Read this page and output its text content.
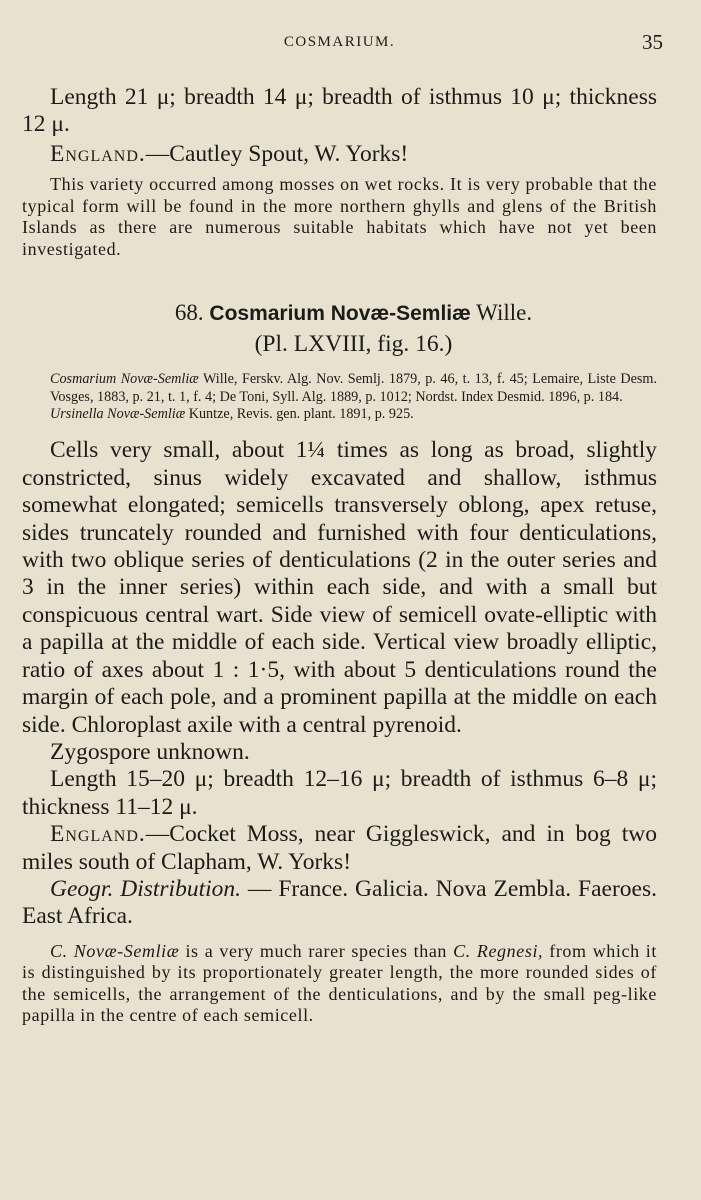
COSMARIUM.	35

Length 21 μ; breadth 14 μ; breadth of isthmus 10 μ; thickness 12 μ.

England.—Cautley Spout, W. Yorks!

This variety occurred among mosses on wet rocks. It is very probable that the typical form will be found in the more northern ghylls and glens of the British Islands as there are numerous suitable habitats which have not yet been investigated.

68. Cosmarium Novæ-Semliæ Wille.
(Pl. LXVIII, fig. 16.)

Cosmarium Novæ-Semliæ Wille, Ferskv. Alg. Nov. Semlj. 1879, p. 46, t. 13, f. 45; Lemaire, Liste Desm. Vosges, 1883, p. 21, t. 1, f. 4; De Toni, Syll. Alg. 1889, p. 1012; Nordst. Index Desmid. 1896, p. 184.

Ursinella Novæ-Semliæ Kuntze, Revis. gen. plant. 1891, p. 925.

Cells very small, about 1¼ times as long as broad, slightly constricted, sinus widely excavated and shallow, isthmus somewhat elongated; semicells transversely oblong, apex retuse, sides truncately rounded and furnished with four denticulations, with two oblique series of denticulations (2 in the outer series and 3 in the inner series) within each side, and with a small but conspicuous central wart. Side view of semicell ovate-elliptic with a papilla at the middle of each side. Vertical view broadly elliptic, ratio of axes about 1 : 1·5, with about 5 denticulations round the margin of each pole, and a prominent papilla at the middle on each side. Chloroplast axile with a central pyrenoid.

Zygospore unknown.

Length 15–20 μ; breadth 12–16 μ; breadth of isthmus 6–8 μ; thickness 11–12 μ.

England.—Cocket Moss, near Giggleswick, and in bog two miles south of Clapham, W. Yorks!

Geogr. Distribution. — France. Galicia. Nova Zembla. Faeroes. East Africa.

C. Novæ-Semliæ is a very much rarer species than C. Regnesi, from which it is distinguished by its proportionately greater length, the more rounded sides of the semicells, the arrangement of the denticulations, and by the small peg-like papilla in the centre of each semicell.
